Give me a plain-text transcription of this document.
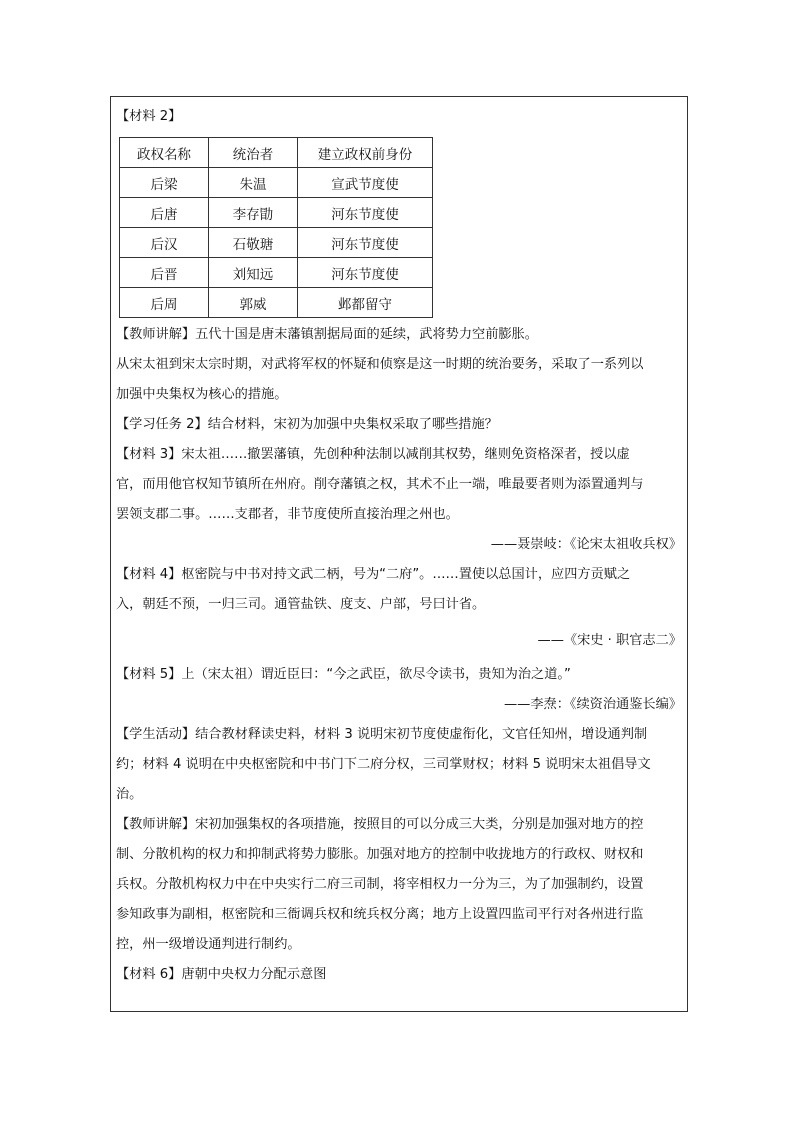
【材料 2】
政权名称	统治者	建立政权前身份
后梁	朱温	宣武节度使
后唐	李存勖	河东节度使
后汉	石敬瑭	河东节度使
后晋	刘知远	河东节度使
后周	郭威	邺都留守
【教师讲解】五代十国是唐末藩镇割据局面的延续，武将势力空前膨胀。
从宋太祖到宋太宗时期，对武将军权的怀疑和侦察是这一时期的统治要务，采取了一系列以
加强中央集权为核心的措施。
【学习任务 2】结合材料，宋初为加强中央集权采取了哪些措施？
【材料 3】宋太祖……撤罢藩镇，先创种种法制以减削其权势，继则免资格深者，授以虚
官，而用他官权知节镇所在州府。削夺藩镇之权，其术不止一端，唯最要者则为添置通判与
罢领支郡二事。……支郡者，非节度使所直接治理之州也。
——聂崇岐：《论宋太祖收兵权》
【材料 4】枢密院与中书对持文武二柄，号为“二府”。……置使以总国计，应四方贡赋之
入，朝廷不预，一归三司。通管盐铁、度支、户部，号曰计省。
——《宋史 · 职官志二》
【材料 5】上（宋太祖）谓近臣曰：“今之武臣，欲尽令读书，贵知为治之道。”
——李焘：《续资治通鉴长编》
【学生活动】结合教材释读史料，材料 3 说明宋初节度使虚衔化，文官任知州，增设通判制
约；材料 4 说明在中央枢密院和中书门下二府分权，三司掌财权；材料 5 说明宋太祖倡导文
治。
【教师讲解】宋初加强集权的各项措施，按照目的可以分成三大类，分别是加强对地方的控
制、分散机构的权力和抑制武将势力膨胀。加强对地方的控制中收拢地方的行政权、财权和
兵权。分散机构权力中在中央实行二府三司制，将宰相权力一分为三，为了加强制约，设置
参知政事为副相，枢密院和三衙调兵权和统兵权分离；地方上设置四监司平行对各州进行监
控，州一级增设通判进行制约。
【材料 6】唐朝中央权力分配示意图
